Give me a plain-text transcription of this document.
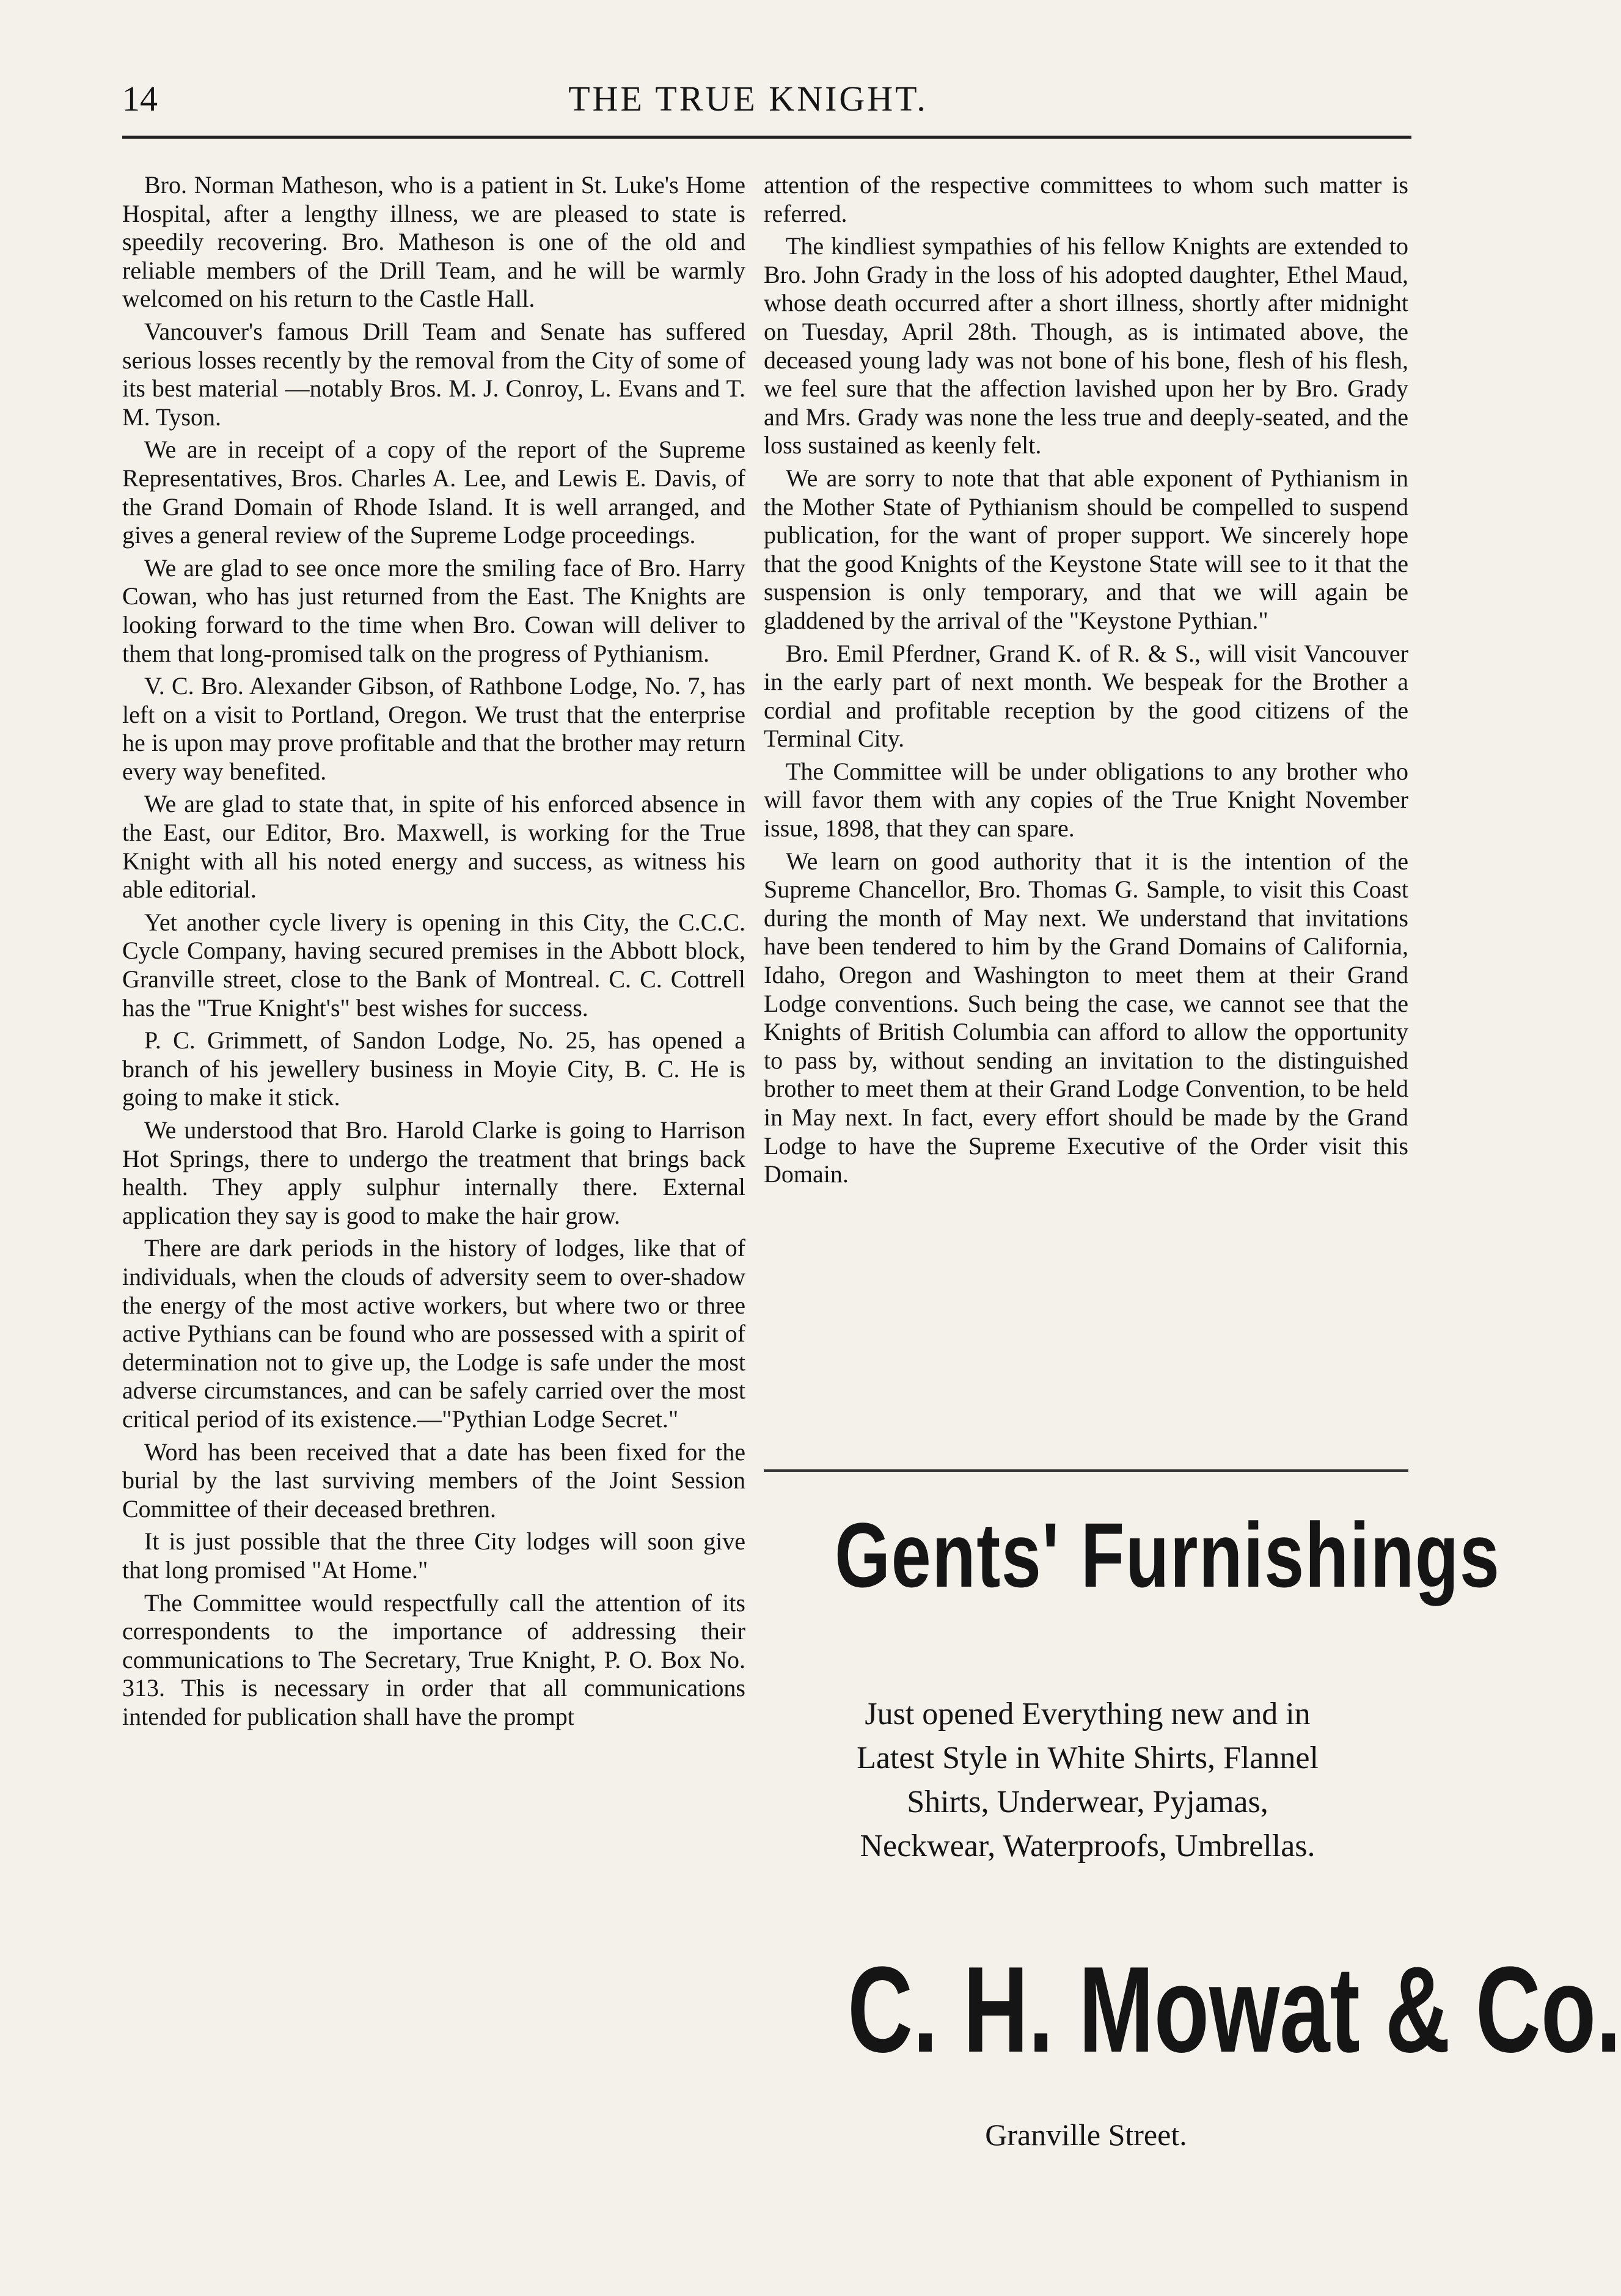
14	THE TRUE KNIGHT.

Bro. Norman Matheson, who is a patient in St. Luke's Home Hospital, after a lengthy illness, we are pleased to state is speedily recovering. Bro. Matheson is one of the old and reliable members of the Drill Team, and he will be warmly welcomed on his return to the Castle Hall.

Vancouver's famous Drill Team and Senate has suffered serious losses recently by the removal from the City of some of its best material —notably Bros. M. J. Conroy, L. Evans and T. M. Tyson.

We are in receipt of a copy of the report of the Supreme Representatives, Bros. Charles A. Lee, and Lewis E. Davis, of the Grand Domain of Rhode Island. It is well arranged, and gives a general review of the Supreme Lodge proceedings.

We are glad to see once more the smiling face of Bro. Harry Cowan, who has just returned from the East. The Knights are looking forward to the time when Bro. Cowan will deliver to them that long-promised talk on the progress of Pythianism.

V. C. Bro. Alexander Gibson, of Rathbone Lodge, No. 7, has left on a visit to Portland, Oregon. We trust that the enterprise he is upon may prove profitable and that the brother may return every way benefited.

We are glad to state that, in spite of his enforced absence in the East, our Editor, Bro. Maxwell, is working for the True Knight with all his noted energy and success, as witness his able editorial.

Yet another cycle livery is opening in this City, the C.C.C. Cycle Company, having secured premises in the Abbott block, Granville street, close to the Bank of Montreal. C. C. Cottrell has the "True Knight's" best wishes for success.

P. C. Grimmett, of Sandon Lodge, No. 25, has opened a branch of his jewellery business in Moyie City, B. C. He is going to make it stick.

We understood that Bro. Harold Clarke is going to Harrison Hot Springs, there to undergo the treatment that brings back health. They apply sulphur internally there. External application they say is good to make the hair grow.

There are dark periods in the history of lodges, like that of individuals, when the clouds of adversity seem to over-shadow the energy of the most active workers, but where two or three active Pythians can be found who are possessed with a spirit of determination not to give up, the Lodge is safe under the most adverse circumstances, and can be safely carried over the most critical period of its existence.—"Pythian Lodge Secret."

Word has been received that a date has been fixed for the burial by the last surviving members of the Joint Session Committee of their deceased brethren.

It is just possible that the three City lodges will soon give that long promised "At Home."

The Committee would respectfully call the attention of its correspondents to the importance of addressing their communications to The Secretary, True Knight, P. O. Box No. 313. This is necessary in order that all communications intended for publication shall have the prompt

attention of the respective committees to whom such matter is referred.

The kindliest sympathies of his fellow Knights are extended to Bro. John Grady in the loss of his adopted daughter, Ethel Maud, whose death occurred after a short illness, shortly after midnight on Tuesday, April 28th. Though, as is intimated above, the deceased young lady was not bone of his bone, flesh of his flesh, we feel sure that the affection lavished upon her by Bro. Grady and Mrs. Grady was none the less true and deeply-seated, and the loss sustained as keenly felt.

We are sorry to note that that able exponent of Pythianism in the Mother State of Pythianism should be compelled to suspend publication, for the want of proper support. We sincerely hope that the good Knights of the Keystone State will see to it that the suspension is only temporary, and that we will again be gladdened by the arrival of the "Keystone Pythian."

Bro. Emil Pferdner, Grand K. of R. & S., will visit Vancouver in the early part of next month. We bespeak for the Brother a cordial and profitable reception by the good citizens of the Terminal City.

The Committee will be under obligations to any brother who will favor them with any copies of the True Knight November issue, 1898, that they can spare.

We learn on good authority that it is the intention of the Supreme Chancellor, Bro. Thomas G. Sample, to visit this Coast during the month of May next. We understand that invitations have been tendered to him by the Grand Domains of California, Idaho, Oregon and Washington to meet them at their Grand Lodge conventions. Such being the case, we cannot see that the Knights of British Columbia can afford to allow the opportunity to pass by, without sending an invitation to the distinguished brother to meet them at their Grand Lodge Convention, to be held in May next. In fact, every effort should be made by the Grand Lodge to have the Supreme Executive of the Order visit this Domain.

Gents' Furnishings
Just opened Everything new and in Latest Style in White Shirts, Flannel Shirts, Underwear, Pyjamas, Neckwear, Waterproofs, Umbrellas.
C. H. Mowat & Co.
Granville Street.
